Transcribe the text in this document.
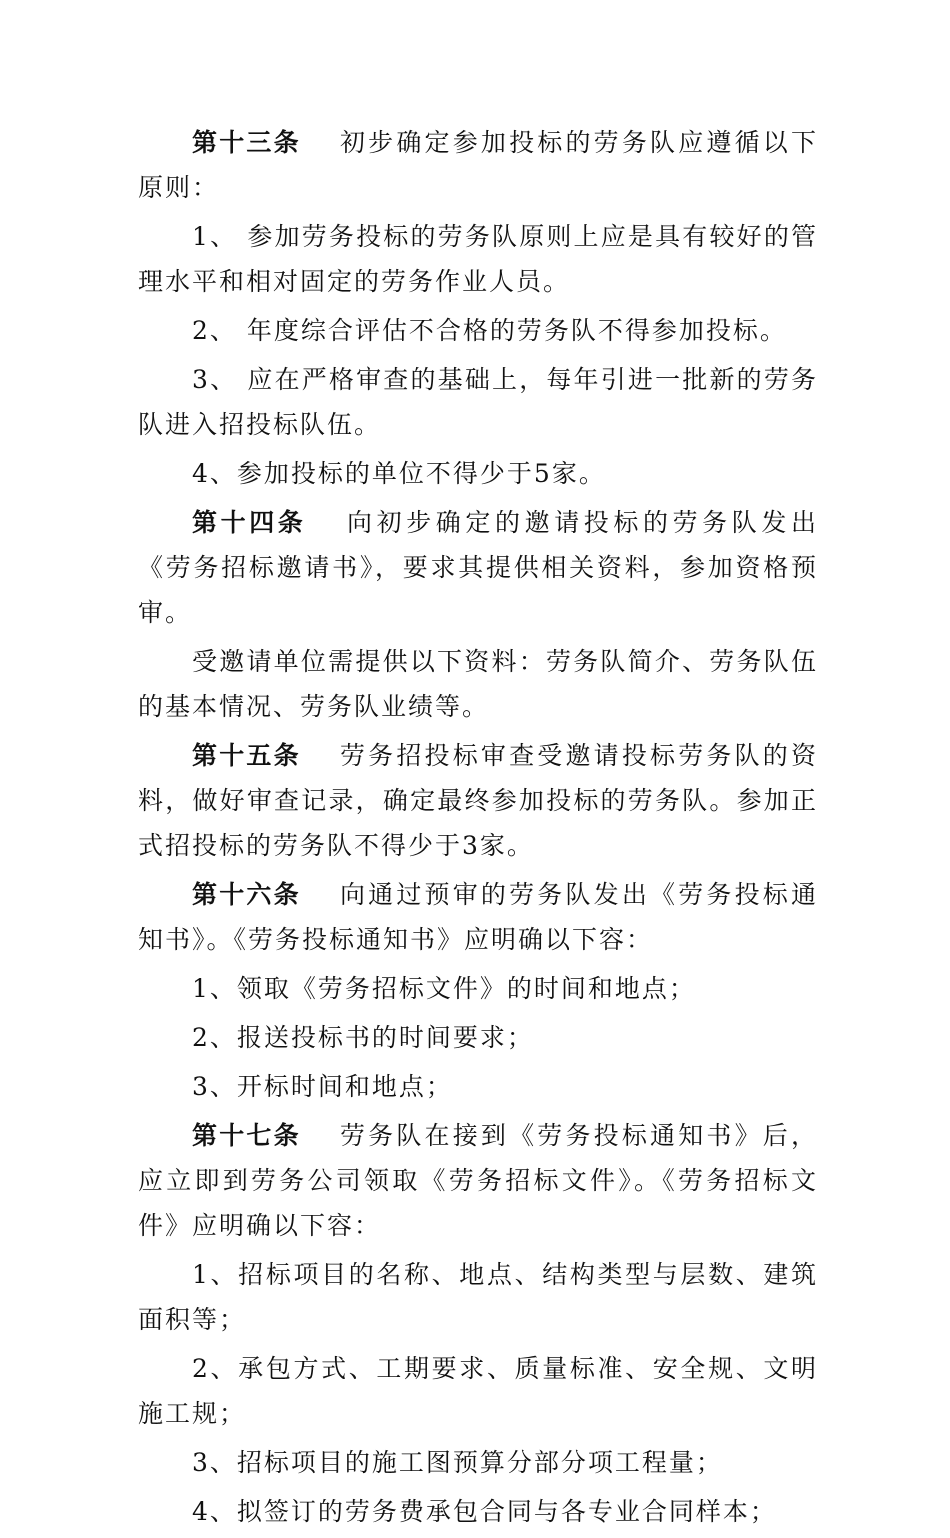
第十三条 初步确定参加投标的劳务队应遵循以下原则：

1、 参加劳务投标的劳务队原则上应是具有较好的管理水平和相对固定的劳务作业人员。

2、 年度综合评估不合格的劳务队不得参加投标。

3、 应在严格审查的基础上，每年引进一批新的劳务队进入招投标队伍。

4、参加投标的单位不得少于5家。

第十四条 向初步确定的邀请投标的劳务队发出《劳务招标邀请书》，要求其提供相关资料，参加资格预审。

受邀请单位需提供以下资料：劳务队简介、劳务队伍的基本情况、劳务队业绩等。

第十五条 劳务招投标审查受邀请投标劳务队的资料，做好审查记录，确定最终参加投标的劳务队。参加正式招投标的劳务队不得少于3家。

第十六条 向通过预审的劳务队发出《劳务投标通知书》。《劳务投标通知书》应明确以下容：

1、领取《劳务招标文件》的时间和地点；

2、报送投标书的时间要求；

3、开标时间和地点；

第十七条 劳务队在接到《劳务投标通知书》后，应立即到劳务公司领取《劳务招标文件》。《劳务招标文件》应明确以下容：

1、招标项目的名称、地点、结构类型与层数、建筑面积等；

2、承包方式、工期要求、质量标准、安全规、文明施工规；

3、招标项目的施工图预算分部分项工程量；

4、拟签订的劳务费承包合同与各专业合同样本；
